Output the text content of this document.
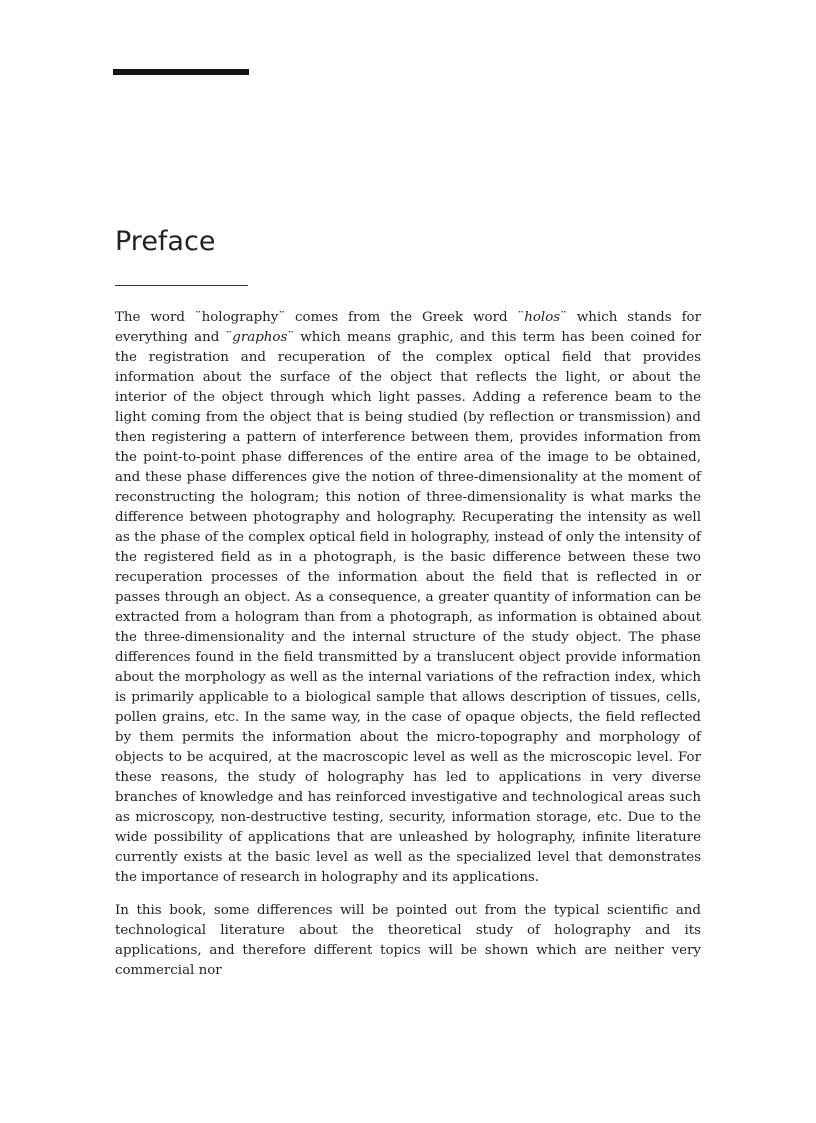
Preface

The word ¨holography¨ comes from the Greek word ¨holos¨ which stands for everything and ¨graphos¨ which means graphic, and this term has been coined for the registration and recuperation of the complex optical field that provides information about the surface of the object that reflects the light, or about the interior of the object through which light passes. Adding a reference beam to the light coming from the object that is being studied (by reflection or transmission) and then registering a pattern of interference between them, provides information from the point-to-point phase differences of the entire area of the image to be obtained, and these phase differences give the notion of three-dimensionality at the moment of reconstructing the hologram; this notion of three-dimensionality is what marks the difference between photography and holography. Recuperating the intensity as well as the phase of the complex optical field in holography, instead of only the intensity of the registered field as in a photograph, is the basic difference between these two recuperation processes of the information about the field that is reflected in or passes through an object. As a consequence, a greater quantity of information can be extracted from a hologram than from a photograph, as information is obtained about the three-dimensionality and the internal structure of the study object. The phase differences found in the field transmitted by a translucent object provide information about the morphology as well as the internal variations of the refraction index, which is primarily applicable to a biological sample that allows description of tissues, cells, pollen grains, etc. In the same way, in the case of opaque objects, the field reflected by them permits the information about the micro-topography and morphology of objects to be acquired, at the macroscopic level as well as the microscopic level. For these reasons, the study of holography has led to applications in very diverse branches of knowledge and has reinforced investigative and technological areas such as microscopy, non-destructive testing, security, information storage, etc. Due to the wide possibility of applications that are unleashed by holography, infinite literature currently exists at the basic level as well as the specialized level that demonstrates the importance of research in holography and its applications.

In this book, some differences will be pointed out from the typical scientific and technological literature about the theoretical study of holography and its applications, and therefore different topics will be shown which are neither very commercial nor
